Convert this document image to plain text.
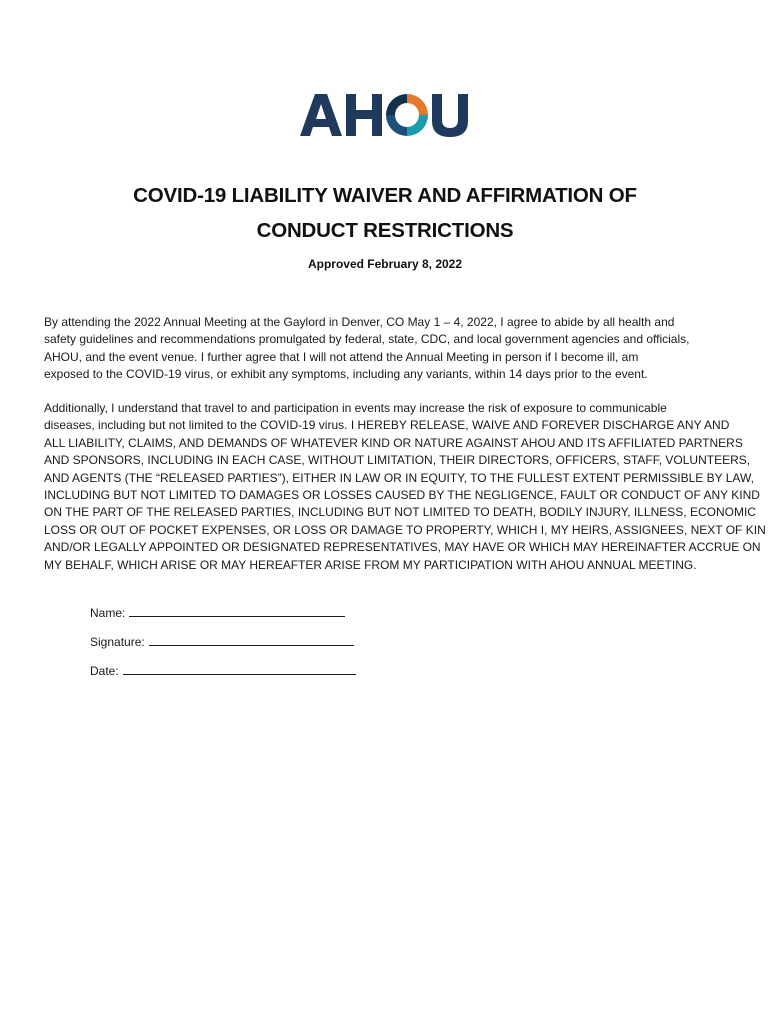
COVID-19 LIABILITY WAIVER AND AFFIRMATION OF
CONDUCT RESTRICTIONS
Approved February 8, 2022
By attending the 2022 Annual Meeting at the Gaylord in Denver, CO May 1 – 4, 2022, I agree to abide by all health and
safety guidelines and recommendations promulgated by federal, state, CDC, and local government agencies and officials,
AHOU, and the event venue. I further agree that I will not attend the Annual Meeting in person if I become ill, am
exposed to the COVID-19 virus, or exhibit any symptoms, including any variants, within 14 days prior to the event.
Additionally, I understand that travel to and participation in events may increase the risk of exposure to communicable
diseases, including but not limited to the COVID-19 virus. I HEREBY RELEASE, WAIVE AND FOREVER DISCHARGE ANY AND
ALL LIABILITY, CLAIMS, AND DEMANDS OF WHATEVER KIND OR NATURE AGAINST AHOU AND ITS AFFILIATED PARTNERS
AND SPONSORS, INCLUDING IN EACH CASE, WITHOUT LIMITATION, THEIR DIRECTORS, OFFICERS, STAFF, VOLUNTEERS,
AND AGENTS (THE “RELEASED PARTIES”), EITHER IN LAW OR IN EQUITY, TO THE FULLEST EXTENT PERMISSIBLE BY LAW,
INCLUDING BUT NOT LIMITED TO DAMAGES OR LOSSES CAUSED BY THE NEGLIGENCE, FAULT OR CONDUCT OF ANY KIND
ON THE PART OF THE RELEASED PARTIES, INCLUDING BUT NOT LIMITED TO DEATH, BODILY INJURY, ILLNESS, ECONOMIC
LOSS OR OUT OF POCKET EXPENSES, OR LOSS OR DAMAGE TO PROPERTY, WHICH I, MY HEIRS, ASSIGNEES, NEXT OF KIN
AND/OR LEGALLY APPOINTED OR DESIGNATED REPRESENTATIVES, MAY HAVE OR WHICH MAY HEREINAFTER ACCRUE ON
MY BEHALF, WHICH ARISE OR MAY HEREAFTER ARISE FROM MY PARTICIPATION WITH AHOU ANNUAL MEETING.
Name:
Signature:
Date:
